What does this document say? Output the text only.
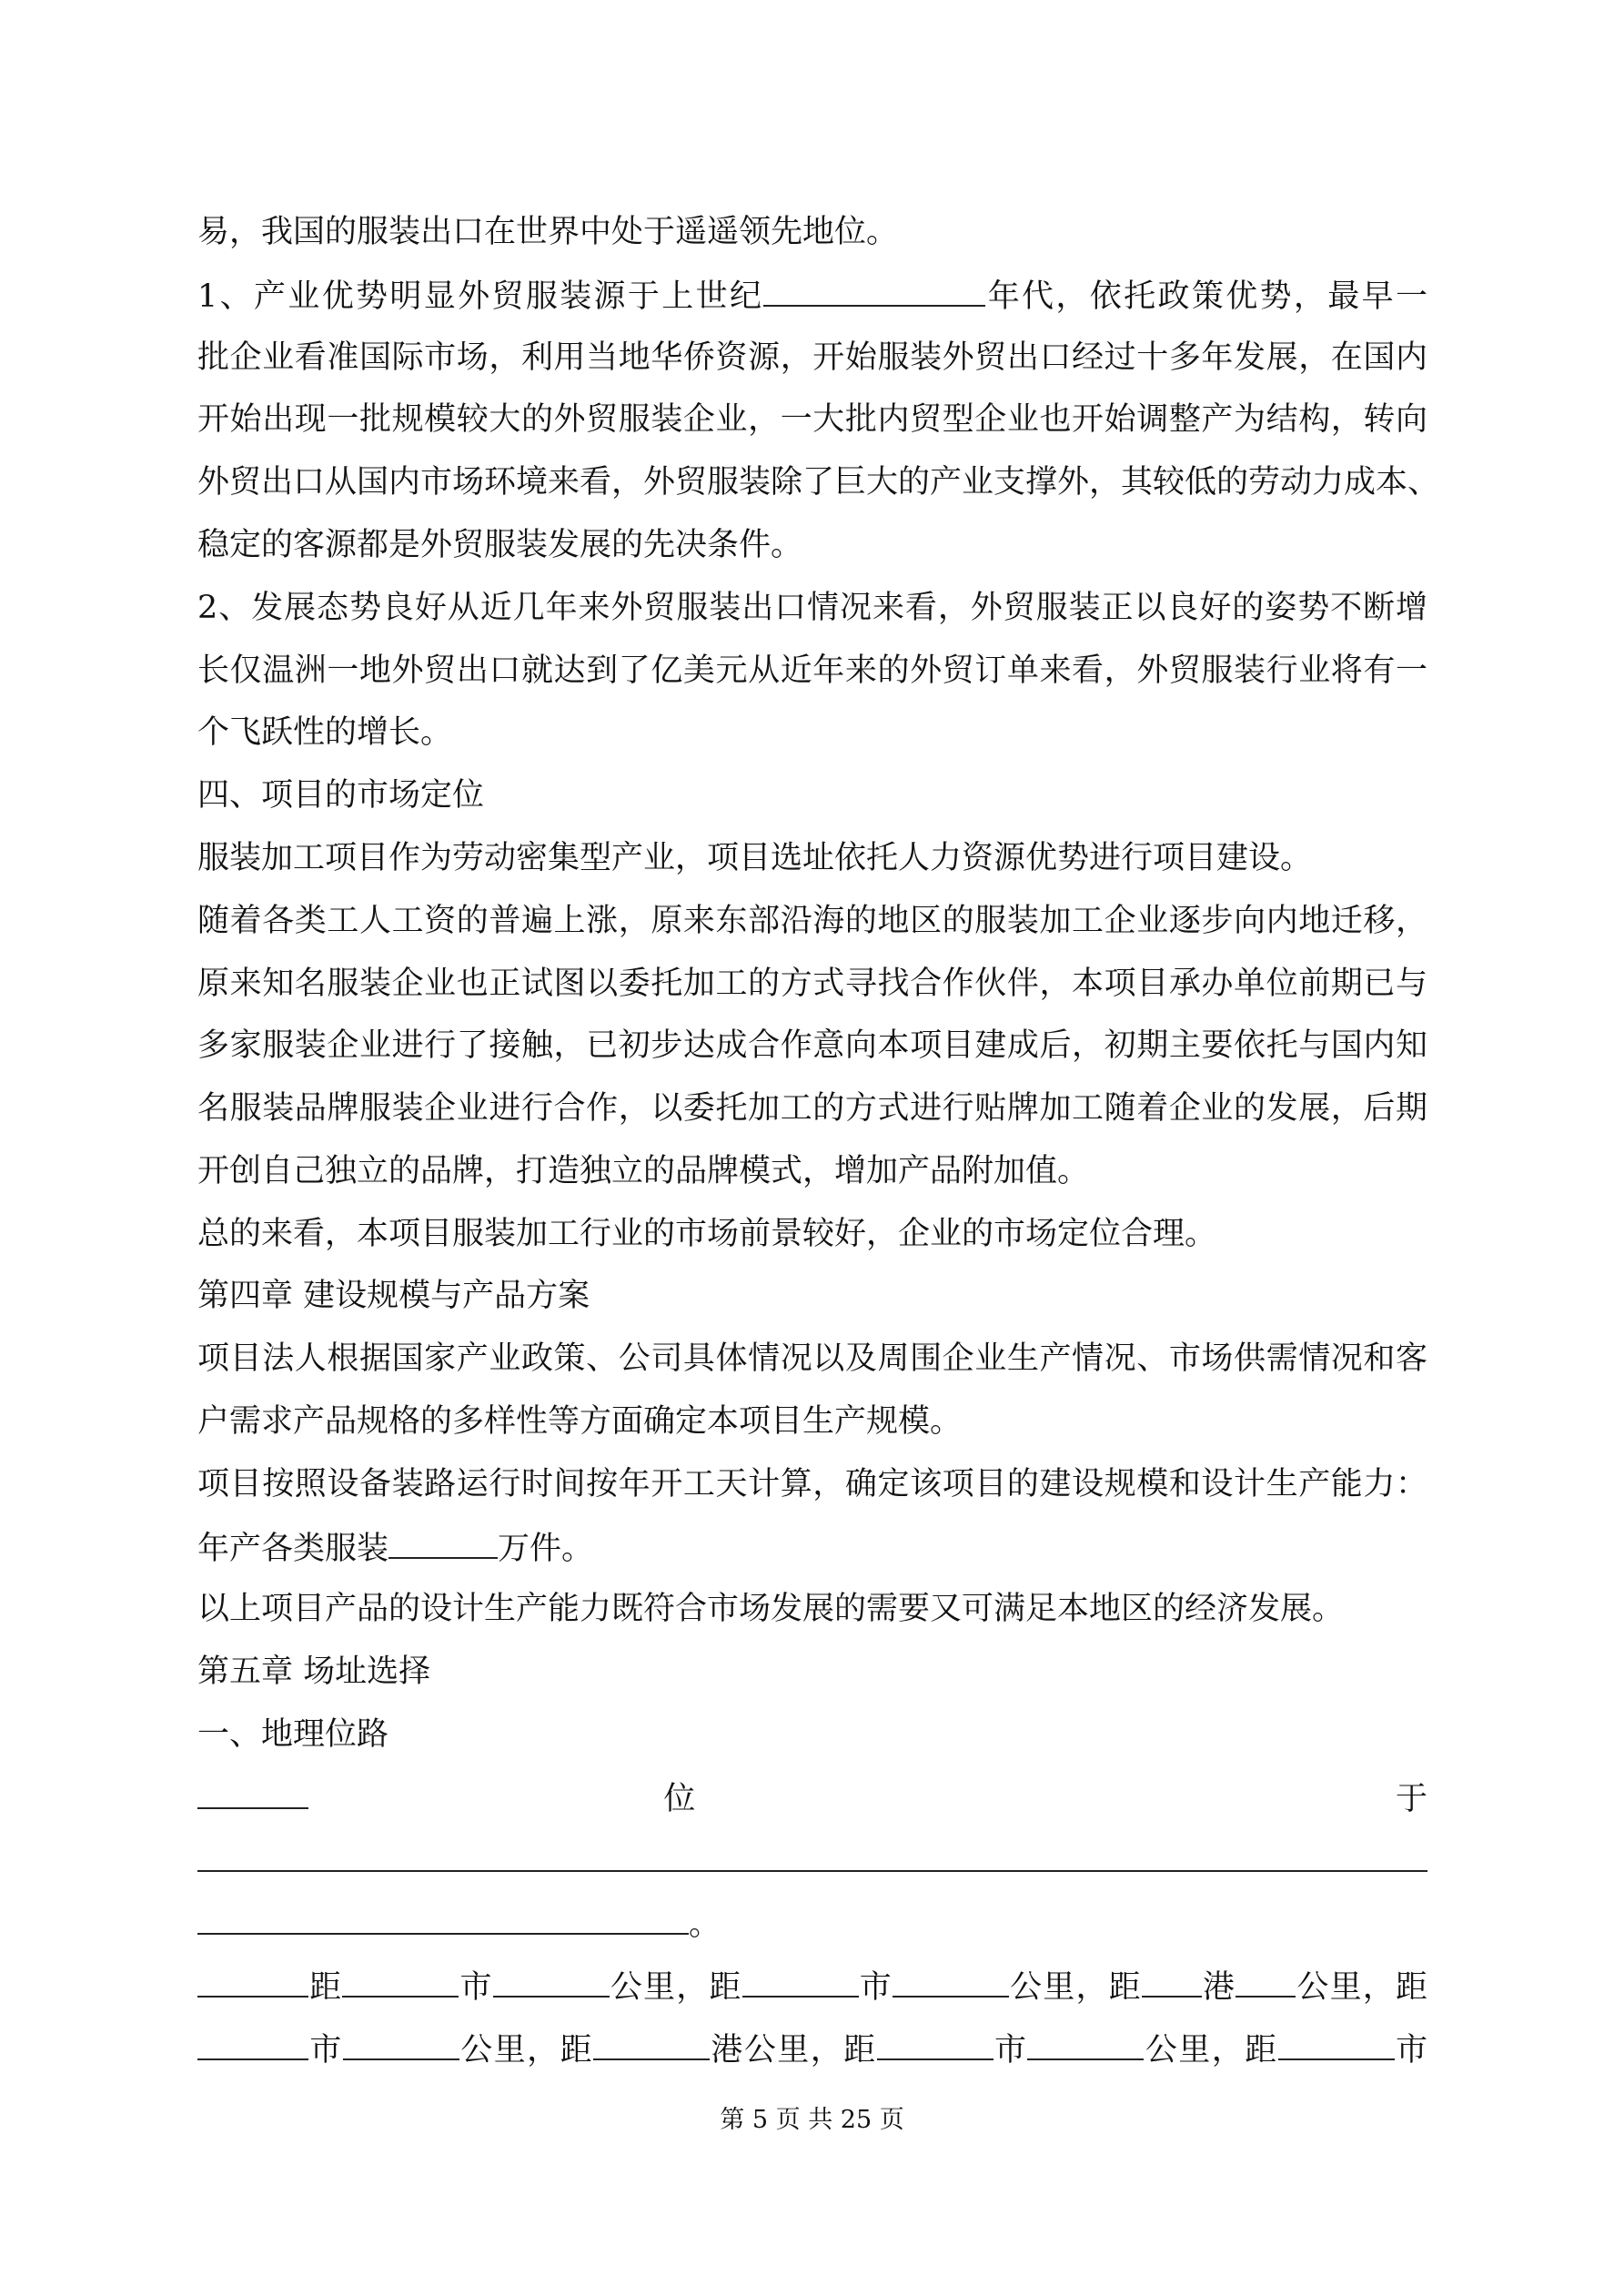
易，我国的服装出口在世界中处于遥遥领先地位。
1、产业优势明显外贸服装源于上世纪	年代，依托政策优势，最早一
批企业看准国际市场，利用当地华侨资源，开始服装外贸出口经过十多年发展，在国内
开始出现一批规模较大的外贸服装企业，一大批内贸型企业也开始调整产为结构，转向
外贸出口从国内市场环境来看，外贸服装除了巨大的产业支撑外，其较低的劳动力成本、
稳定的客源都是外贸服装发展的先决条件。
2、发展态势良好从近几年来外贸服装出口情况来看，外贸服装正以良好的姿势不断增
长仅温洲一地外贸出口就达到了亿美元从近年来的外贸订单来看，外贸服装行业将有一
个飞跃性的增长。
四、项目的市场定位
服装加工项目作为劳动密集型产业，项目选址依托人力资源优势进行项目建设。
随着各类工人工资的普遍上涨，原来东部沿海的地区的服装加工企业逐步向内地迁移，
原来知名服装企业也正试图以委托加工的方式寻找合作伙伴，本项目承办单位前期已与
多家服装企业进行了接触，已初步达成合作意向本项目建成后，初期主要依托与国内知
名服装品牌服装企业进行合作，以委托加工的方式进行贴牌加工随着企业的发展，后期
开创自己独立的品牌，打造独立的品牌模式，增加产品附加值。
总的来看，本项目服装加工行业的市场前景较好，企业的市场定位合理。
第四章 建设规模与产品方案
项目法人根据国家产业政策、公司具体情况以及周围企业生产情况、市场供需情况和客
户需求产品规格的多样性等方面确定本项目生产规模。
项目按照设备装路运行时间按年开工天计算，确定该项目的建设规模和设计生产能力：
年产各类服装	万件。
以上项目产品的设计生产能力既符合市场发展的需要又可满足本地区的经济发展。
第五章 场址选择
一、地理位路
位	于
。
距	市	公里，距	市	公里，距 港 公里，距
市	公里，距	港公里，距	市	公里，距	市
第 5 页 共 25 页
